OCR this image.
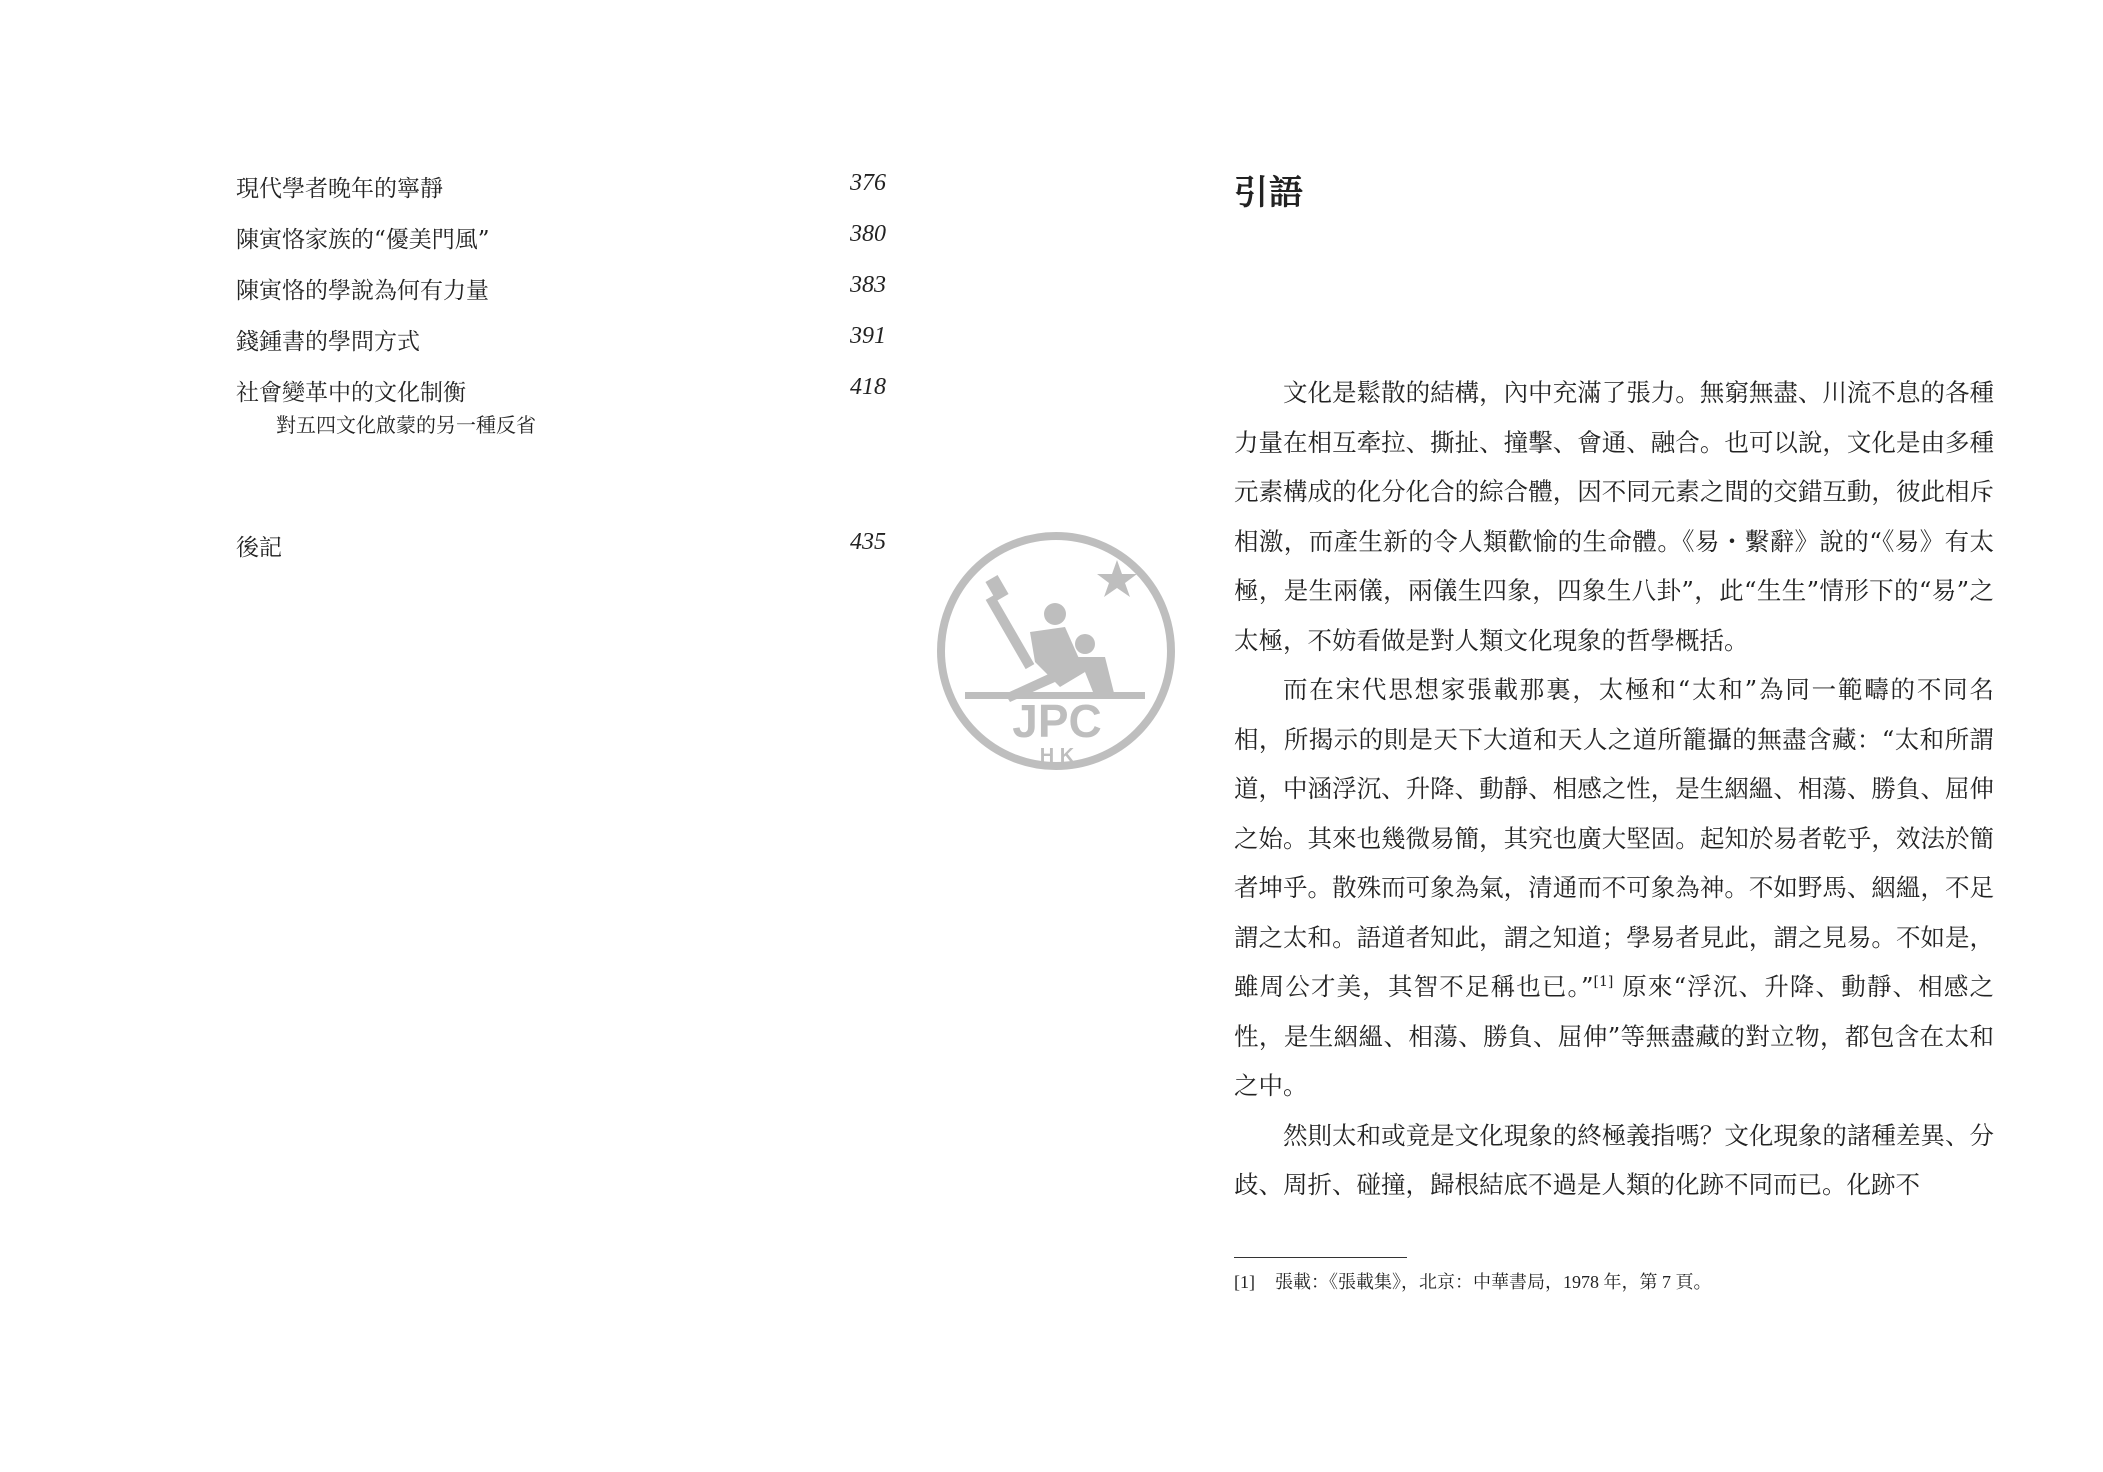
現代學者晚年的寧靜	376
陳寅恪家族的“優美門風”	380
陳寅恪的學說為何有力量	383
錢鍾書的學問方式	391
社會變革中的文化制衡	418
對五四文化啟蒙的另一種反省
後記	435
JPC
H K
引語

文化是鬆散的結構，內中充滿了張力。無窮無盡、川流不息的各種力量在相互牽拉、撕扯、撞擊、會通、融合。也可以說，文化是由多種元素構成的化分化合的綜合體，因不同元素之間的交錯互動，彼此相斥相激，而產生新的令人類歡愉的生命體。《易・繫辭》說的“《易》有太極，是生兩儀，兩儀生四象，四象生八卦”，此“生生”情形下的“易”之太極，不妨看做是對人類文化現象的哲學概括。

而在宋代思想家張載那裏，太極和“太和”為同一範疇的不同名相，所揭示的則是天下大道和天人之道所籠攝的無盡含藏：“太和所謂道，中涵浮沉、升降、動靜、相感之性，是生絪縕、相蕩、勝負、屈伸之始。其來也幾微易簡，其究也廣大堅固。起知於易者乾乎，效法於簡者坤乎。散殊而可象為氣，清通而不可象為神。不如野馬、絪縕，不足謂之太和。語道者知此，謂之知道；學易者見此，謂之見易。不如是，雖周公才美，其智不足稱也已。”[1] 原來“浮沉、升降、動靜、相感之性，是生絪縕、相蕩、勝負、屈伸”等無盡藏的對立物，都包含在太和之中。

然則太和或竟是文化現象的終極義指嗎？文化現象的諸種差異、分歧、周折、碰撞，歸根結底不過是人類的化跡不同而已。化跡不

[1] 張載：《張載集》，北京：中華書局，1978 年，第 7 頁。
